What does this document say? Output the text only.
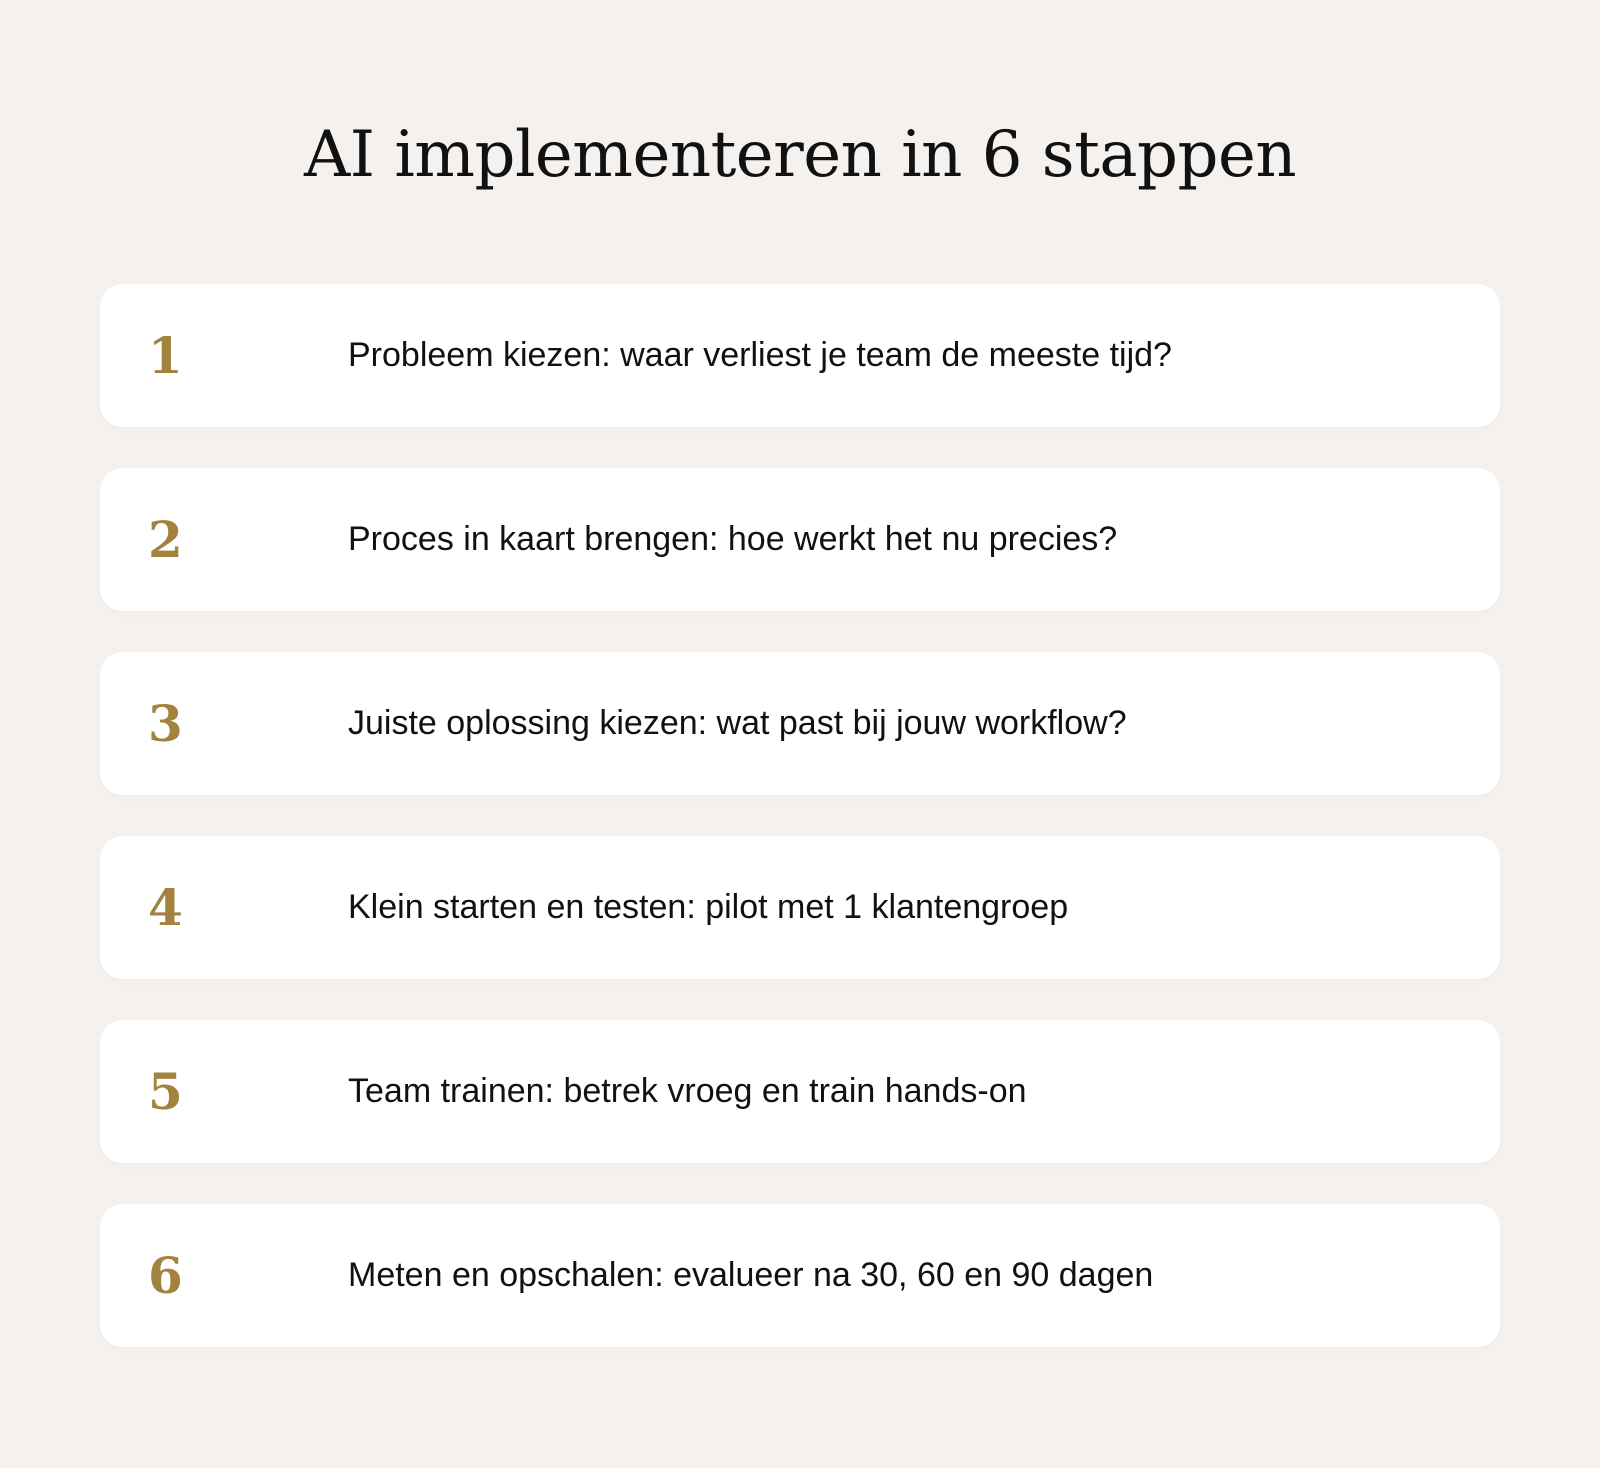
AI implementeren in 6 stappen
1	Probleem kiezen: waar verliest je team de meeste tijd?
2	Proces in kaart brengen: hoe werkt het nu precies?
3	Juiste oplossing kiezen: wat past bij jouw workflow?
4	Klein starten en testen: pilot met 1 klantengroep
5	Team trainen: betrek vroeg en train hands-on
6	Meten en opschalen: evalueer na 30, 60 en 90 dagen
